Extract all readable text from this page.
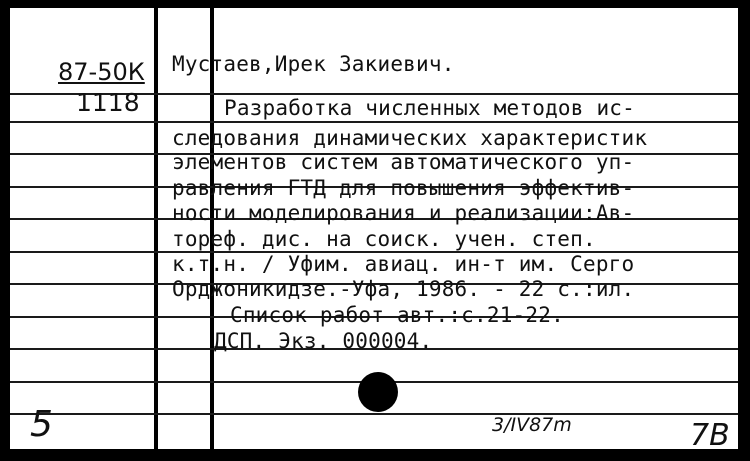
87-50К
1118
Мустаев,Ирек Закиевич.
Разработка численных методов ис-
следования динамических характеристик
элементов систем автоматического уп-
равления ГТД для повышения эффектив-
ности моделирования и реализации:Ав-
тореф. дис. на соиск. учен. степ.
к.т.н. / Уфим. авиац. ин-т им. Серго
Орджоникидзе.-Уфа, 1986. - 22 с.:ил.
Список работ авт.:с.21-22.
ДСП. Экз. 000004.
5	3/IV87m	7В
